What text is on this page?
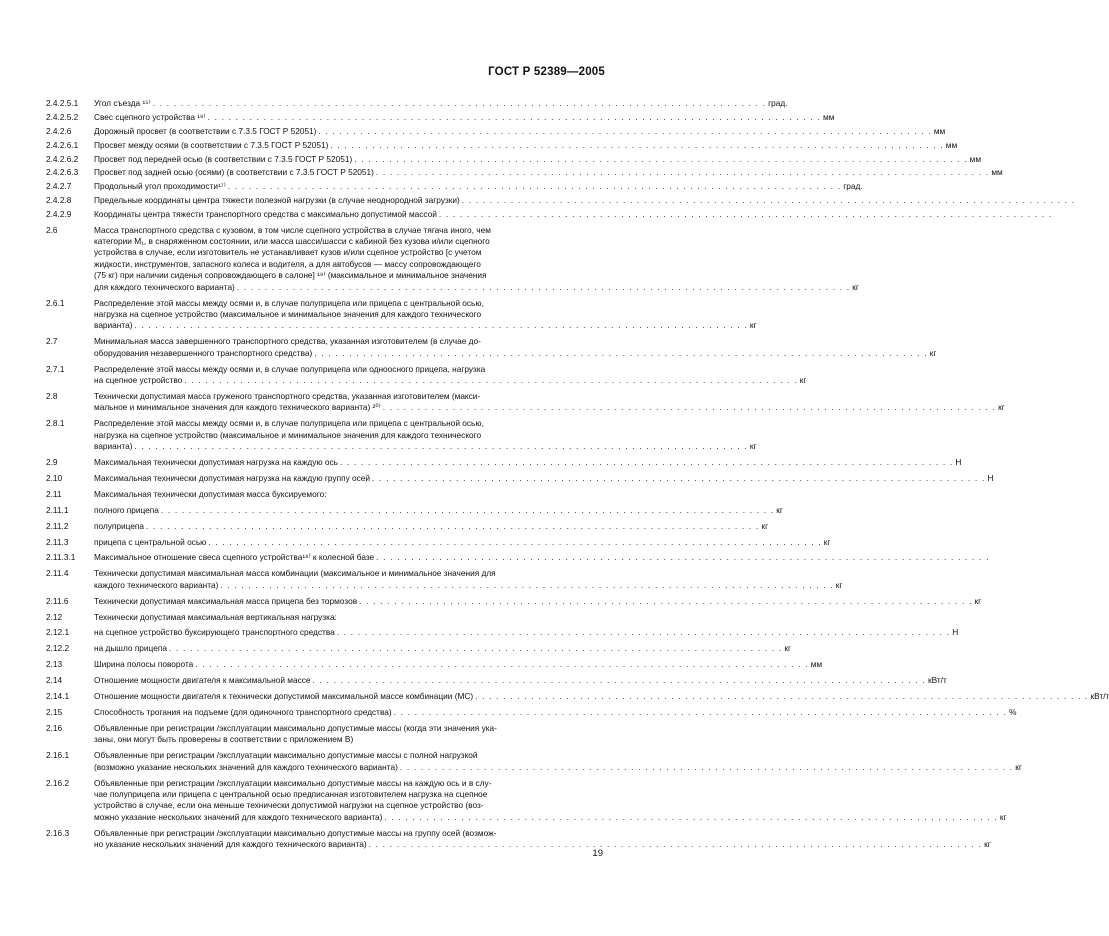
ГОСТ Р 52389—2005
2.4.2.5.1	Угол съезда ¹⁵⁾ . . . . . . . . . . . . . . . . . . . . . . . . . . . . . . . . . . . . . . . . . . . . . . . . . . . . . . . . . . . . . . . . . . . . . . . . . . . . . . . . . . . . . . . . град.
2.4.2.5.2	Свес сцепного устройства ¹⁸⁾ . . . . . . . . . . . . . . . . . . . . . . . . . . . . . . . . . . . . . . . . . . . . . . . . . . . . . . . . . . . . . . . . . . . . . . . . . . . . . . . . . . . . . . . . мм
2.4.2.6	Дорожный просвет (в соответствии с 7.3.5 ГОСТ Р 52051) . . . . . . . . . . . . . . . . . . . . . . . . . . . . . . . . . . . . . . . . . . . . . . . . . . . . . . . . . . . . . . . . . . . . . . . . . . . . . . . . . . . . . . . . мм
2.4.2.6.1	Просвет между осями (в соответствии с 7.3.5 ГОСТ Р 52051) . . . . . . . . . . . . . . . . . . . . . . . . . . . . . . . . . . . . . . . . . . . . . . . . . . . . . . . . . . . . . . . . . . . . . . . . . . . . . . . . . . . . . . . . мм
2.4.2.6.2	Просвет под передней осью (в соответствии с 7.3.5 ГОСТ Р 52051) . . . . . . . . . . . . . . . . . . . . . . . . . . . . . . . . . . . . . . . . . . . . . . . . . . . . . . . . . . . . . . . . . . . . . . . . . . . . . . . . . . . . . . . . мм
2.4.2.6.3	Просвет под задней осью (осями) (в соответствии с 7.3.5 ГОСТ Р 52051) . . . . . . . . . . . . . . . . . . . . . . . . . . . . . . . . . . . . . . . . . . . . . . . . . . . . . . . . . . . . . . . . . . . . . . . . . . . . . . . . . . . . . . . . мм
2.4.2.7	Продольный угол проходимости¹⁷⁾ . . . . . . . . . . . . . . . . . . . . . . . . . . . . . . . . . . . . . . . . . . . . . . . . . . . . . . . . . . . . . . . . . . . . . . . . . . . . . . . . . . . . . . . . град.
2.4.2.8	Предельные координаты центра тяжести полезной нагрузки (в случае неоднородной загрузки) . . . . . . . . . . . . . . . . . . . . . . . . . . . . . . . . . . . . . . . . . . . . . . . . . . . . . . . . . . . . . . . . . . . . . . . . . . . . . . . . . . . . . . . .
2.4.2.9	Координаты центра тяжести транспортного средства с максимально допустимой массой . . . . . . . . . . . . . . . . . . . . . . . . . . . . . . . . . . . . . . . . . . . . . . . . . . . . . . . . . . . . . . . . . . . . . . . . . . . . . . . . . . . . . . . .
2.6	Масса транспортного средства с кузовом, в том числе сцепного устройства в случае тягача иного, чем
категории M₁, в снаряженном состоянии, или масса шасси/шасси с кабиной без кузова и/или сцепного
устройства в случае, если изготовитель не устанавливает кузов и/или сцепное устройство [с учетом
жидкости, инструментов, запасного колеса и водителя, а для автобусов — массу сопровождающего
(75 кг) при наличии сиденья сопровождающего в салоне] ¹⁹⁾ (максимальное и минимальное значения
для каждого технического варианта) . . . . . . . . . . . . . . . . . . . . . . . . . . . . . . . . . . . . . . . . . . . . . . . . . . . . . . . . . . . . . . . . . . . . . . . . . . . . . . . . . . . . . . . . кг
2.6.1	Распределение этой массы между осями и, в случае полуприцепа или прицепа с центральной осью,
нагрузка на сцепное устройство (максимальное и минимальное значения для каждого технического
варианта) . . . . . . . . . . . . . . . . . . . . . . . . . . . . . . . . . . . . . . . . . . . . . . . . . . . . . . . . . . . . . . . . . . . . . . . . . . . . . . . . . . . . . . . . кг
2.7	Минимальная масса завершенного транспортного средства, указанная изготовителем (в случае до-
оборудования незавершенного транспортного средства) . . . . . . . . . . . . . . . . . . . . . . . . . . . . . . . . . . . . . . . . . . . . . . . . . . . . . . . . . . . . . . . . . . . . . . . . . . . . . . . . . . . . . . . . кг
2.7.1	Распределение этой массы между осями и, в случае полуприцепа или одноосного прицепа, нагрузка
на сцепное устройство . . . . . . . . . . . . . . . . . . . . . . . . . . . . . . . . . . . . . . . . . . . . . . . . . . . . . . . . . . . . . . . . . . . . . . . . . . . . . . . . . . . . . . . . кг
2.8	Технически допустимая масса груженого транспортного средства, указанная изготовителем (макси-
мальное и минимальное значения для каждого технического варианта) ²⁰⁾ . . . . . . . . . . . . . . . . . . . . . . . . . . . . . . . . . . . . . . . . . . . . . . . . . . . . . . . . . . . . . . . . . . . . . . . . . . . . . . . . . . . . . . . . кг
2.8.1	Распределение этой массы между осями и, в случае полуприцепа или прицепа с центральной осью,
нагрузка на сцепное устройство (максимальное и минимальное значения для каждого технического
варианта) . . . . . . . . . . . . . . . . . . . . . . . . . . . . . . . . . . . . . . . . . . . . . . . . . . . . . . . . . . . . . . . . . . . . . . . . . . . . . . . . . . . . . . . . кг
2.9	Максимальная технически допустимая нагрузка на каждую ось . . . . . . . . . . . . . . . . . . . . . . . . . . . . . . . . . . . . . . . . . . . . . . . . . . . . . . . . . . . . . . . . . . . . . . . . . . . . . . . . . . . . . . . . Н
2.10	Максимальная технически допустимая нагрузка на каждую группу осей . . . . . . . . . . . . . . . . . . . . . . . . . . . . . . . . . . . . . . . . . . . . . . . . . . . . . . . . . . . . . . . . . . . . . . . . . . . . . . . . . . . . . . . . Н
2.11	Максимальная технически допустимая масса буксируемого:
2.11.1	полного прицепа . . . . . . . . . . . . . . . . . . . . . . . . . . . . . . . . . . . . . . . . . . . . . . . . . . . . . . . . . . . . . . . . . . . . . . . . . . . . . . . . . . . . . . . . кг
2.11.2	полуприцепа . . . . . . . . . . . . . . . . . . . . . . . . . . . . . . . . . . . . . . . . . . . . . . . . . . . . . . . . . . . . . . . . . . . . . . . . . . . . . . . . . . . . . . . . кг
2.11.3	прицепа с центральной осью . . . . . . . . . . . . . . . . . . . . . . . . . . . . . . . . . . . . . . . . . . . . . . . . . . . . . . . . . . . . . . . . . . . . . . . . . . . . . . . . . . . . . . . . кг
2.11.3.1	Максимальное отношение свеса сцепного устройства¹⁸⁾ к колесной базе . . . . . . . . . . . . . . . . . . . . . . . . . . . . . . . . . . . . . . . . . . . . . . . . . . . . . . . . . . . . . . . . . . . . . . . . . . . . . . . . . . . . . . . .
2.11.4	Технически допустимая максимальная масса комбинации (максимальное и минимальное значения для
каждого технического варианта) . . . . . . . . . . . . . . . . . . . . . . . . . . . . . . . . . . . . . . . . . . . . . . . . . . . . . . . . . . . . . . . . . . . . . . . . . . . . . . . . . . . . . . . . кг
2.11.6	Технически допустимая максимальная масса прицепа без тормозов . . . . . . . . . . . . . . . . . . . . . . . . . . . . . . . . . . . . . . . . . . . . . . . . . . . . . . . . . . . . . . . . . . . . . . . . . . . . . . . . . . . . . . . . кг
2.12	Технически допустимая максимальная вертикальная нагрузка:
2.12.1	на сцепное устройство буксирующего транспортного средства . . . . . . . . . . . . . . . . . . . . . . . . . . . . . . . . . . . . . . . . . . . . . . . . . . . . . . . . . . . . . . . . . . . . . . . . . . . . . . . . . . . . . . . . Н
2.12.2	на дышло прицепа . . . . . . . . . . . . . . . . . . . . . . . . . . . . . . . . . . . . . . . . . . . . . . . . . . . . . . . . . . . . . . . . . . . . . . . . . . . . . . . . . . . . . . . . кг
2.13	Ширина полосы поворота . . . . . . . . . . . . . . . . . . . . . . . . . . . . . . . . . . . . . . . . . . . . . . . . . . . . . . . . . . . . . . . . . . . . . . . . . . . . . . . . . . . . . . . . мм
2.14	Отношение мощности двигателя к максимальной массе . . . . . . . . . . . . . . . . . . . . . . . . . . . . . . . . . . . . . . . . . . . . . . . . . . . . . . . . . . . . . . . . . . . . . . . . . . . . . . . . . . . . . . . . кВт/т
2.14.1	Отношение мощности двигателя к технически допустимой максимальной массе комбинации (MC) . . . . . . . . . . . . . . . . . . . . . . . . . . . . . . . . . . . . . . . . . . . . . . . . . . . . . . . . . . . . . . . . . . . . . . . . . . . . . . . . . . . . . . . . кВт/т
2.15	Способность трогания на подъеме (для одиночного транспортного средства) . . . . . . . . . . . . . . . . . . . . . . . . . . . . . . . . . . . . . . . . . . . . . . . . . . . . . . . . . . . . . . . . . . . . . . . . . . . . . . . . . . . . . . . . %
2.16	Объявленные при регистрации /эксплуатации максимально допустимые массы (когда эти значения ука-
заны, они могут быть проверены в соответствии с приложением В)
2.16.1	Объявленные при регистрации /эксплуатации максимально допустимые массы с полной нагрузкой
(возможно указание нескольких значений для каждого технического варианта) . . . . . . . . . . . . . . . . . . . . . . . . . . . . . . . . . . . . . . . . . . . . . . . . . . . . . . . . . . . . . . . . . . . . . . . . . . . . . . . . . . . . . . . . кг
2.16.2	Объявленные при регистрации /эксплуатации максимально допустимые массы на каждую ось и в слу-
чае полуприцепа или прицепа с центральной осью предписанная изготовителем нагрузка на сцепное
устройство в случае, если она меньше технически допустимой нагрузки на сцепное устройство (воз-
можно указание нескольких значений для каждого технического варианта) . . . . . . . . . . . . . . . . . . . . . . . . . . . . . . . . . . . . . . . . . . . . . . . . . . . . . . . . . . . . . . . . . . . . . . . . . . . . . . . . . . . . . . . . кг
2.16.3	Объявленные при регистрации /эксплуатации максимально допустимые массы на группу осей (возмож-
но указание нескольких значений для каждого технического варианта) . . . . . . . . . . . . . . . . . . . . . . . . . . . . . . . . . . . . . . . . . . . . . . . . . . . . . . . . . . . . . . . . . . . . . . . . . . . . . . . . . . . . . . . . кг
19
